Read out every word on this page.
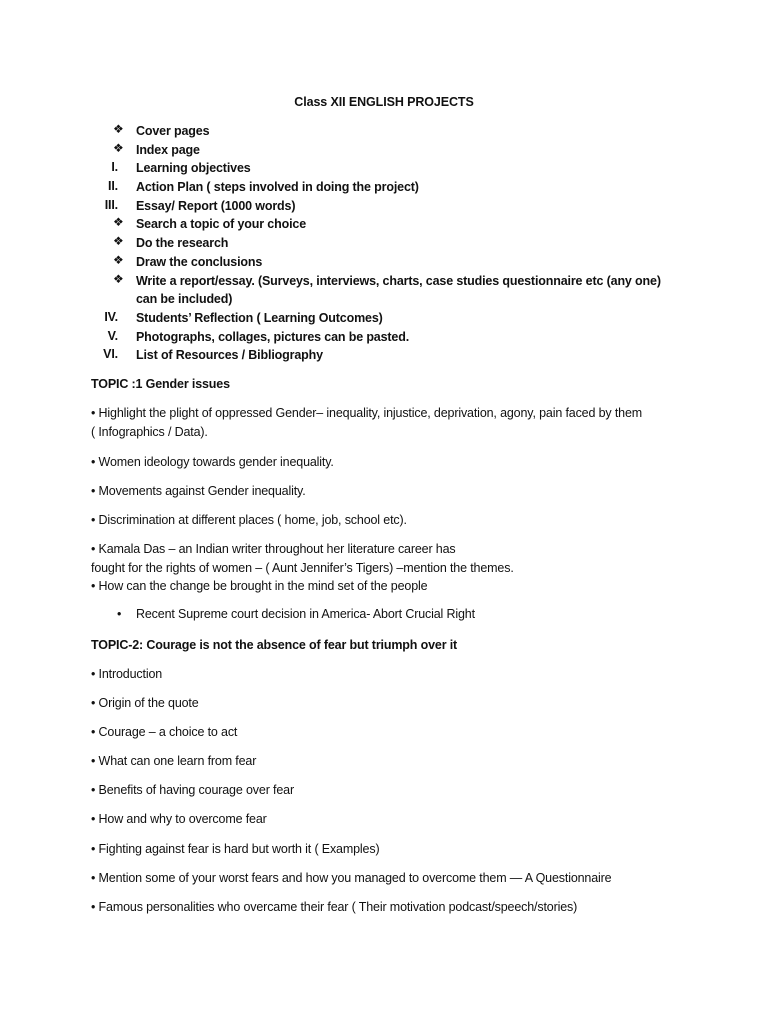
Class XII ENGLISH PROJECTS
❖ Cover pages
❖ Index page
I. Learning objectives
II. Action Plan ( steps involved in doing the project)
III. Essay/ Report (1000 words)
❖ Search a topic of your choice
❖ Do the research
❖ Draw the conclusions
❖ Write a report/essay. (Surveys, interviews, charts, case studies questionnaire etc (any one)
can be included)
IV. Students’ Reflection ( Learning Outcomes)
V. Photographs, collages, pictures can be pasted.
VI. List of Resources / Bibliography
TOPIC :1 Gender issues
• Highlight the plight of oppressed Gender– inequality, injustice, deprivation, agony, pain faced by them
( Infographics / Data).
• Women ideology towards gender inequality.
• Movements against Gender inequality.
• Discrimination at different places ( home, job, school etc).
• Kamala Das – an Indian writer throughout her literature career has
fought for the rights of women – ( Aunt Jennifer’s Tigers) –mention the themes.
• How can the change be brought in the mind set of the people
• Recent Supreme court decision in America- Abort Crucial Right
TOPIC-2: Courage is not the absence of fear but triumph over it
• Introduction
• Origin of the quote
• Courage – a choice to act
• What can one learn from fear
• Benefits of having courage over fear
• How and why to overcome fear
• Fighting against fear is hard but worth it ( Examples)
• Mention some of your worst fears and how you managed to overcome them — A Questionnaire
• Famous personalities who overcame their fear ( Their motivation podcast/speech/stories)
